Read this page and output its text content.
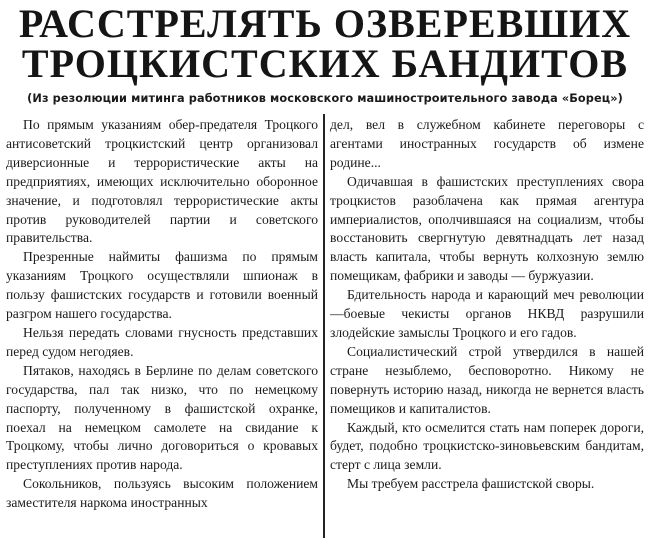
РАССТРЕЛЯТЬ ОЗВЕРЕВШИХ
ТРОЦКИСТСКИХ БАНДИТОВ
(Из резолюции митинга работников московского машиностроительного завода «Борец»)

По прямым указаниям обер-предателя Троцкого антисоветский троцкистский центр организовал диверсионные и террористические акты на предприятиях, имеющих исключительно оборонное значение, и подготовлял террористические акты против руководителей партии и советского правительства.

Презренные наймиты фашизма по прямым указаниям Троцкого осуществляли шпионаж в пользу фашистских государств и готовили военный разгром нашего государства.

Нельзя передать словами гнусность представших перед судом негодяев.

Пятаков, находясь в Берлине по делам советского государства, пал так низко, что по немецкому паспорту, полученному в фашистской охранке, поехал на немецком самолете на свидание к Троцкому, чтобы лично договориться о кровавых преступлениях против народа.

Сокольников, пользуясь высоким положением заместителя наркома иностранных

дел, вел в служебном кабинете переговоры с агентами иностранных государств об измене родине...

Одичавшая в фашистских преступлениях свора троцкистов разоблачена как прямая агентура империалистов, ополчившаяся на социализм, чтобы восстановить свергнутую девятнадцать лет назад власть капитала, чтобы вернуть колхозную землю помещикам, фабрики и заводы — буржуазии.

Бдительность народа и карающий меч революции—боевые чекисты органов НКВД разрушили злодейские замыслы Троцкого и его гадов.

Социалистический строй утвердился в нашей стране незыблемо, бесповоротно. Никому не повернуть историю назад, никогда не вернется власть помещиков и капиталистов.

Каждый, кто осмелится стать нам поперек дороги, будет, подобно троцкистско-зиновьевским бандитам, стерт с лица земли.

Мы требуем расстрела фашистской своры.
